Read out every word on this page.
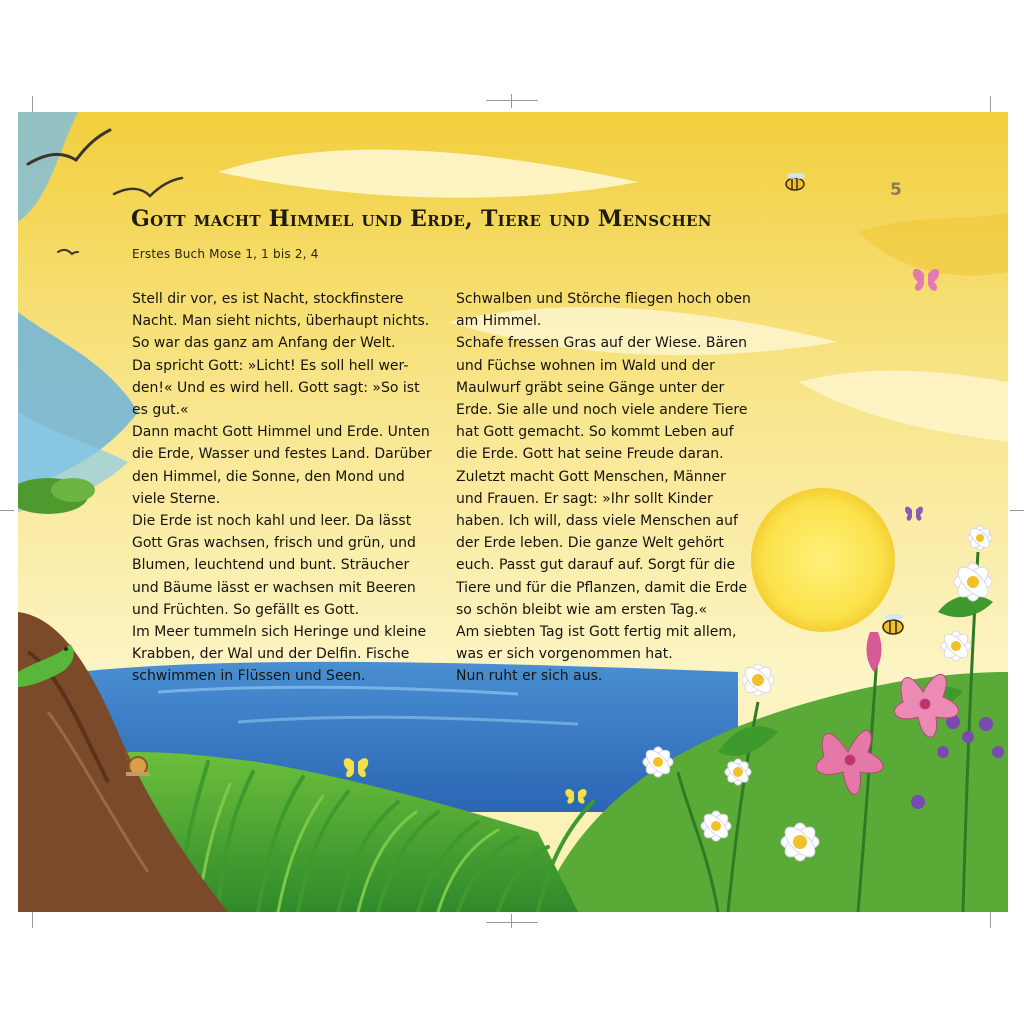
Gott macht Himmel und Erde, Tiere und Menschen
Erstes Buch Mose 1, 1 bis 2, 4
5
Stell dir vor, es ist Nacht, stockfinstere
Nacht. Man sieht nichts, überhaupt nichts.
So war das ganz am Anfang der Welt.
Da spricht Gott: »Licht! Es soll hell wer-
den!« Und es wird hell. Gott sagt: »So ist
es gut.«
Dann macht Gott Himmel und Erde. Unten
die Erde, Wasser und festes Land. Darüber
den Himmel, die Sonne, den Mond und
viele Sterne.
Die Erde ist noch kahl und leer. Da lässt
Gott Gras wachsen, frisch und grün, und
Blumen, leuchtend und bunt. Sträucher
und Bäume lässt er wachsen mit Beeren
und Früchten. So gefällt es Gott.
Im Meer tummeln sich Heringe und kleine
Krabben, der Wal und der Delfin. Fische
schwimmen in Flüssen und Seen.
Schwalben und Störche fliegen hoch oben
am Himmel.
Schafe fressen Gras auf der Wiese. Bären
und Füchse wohnen im Wald und der
Maulwurf gräbt seine Gänge unter der
Erde. Sie alle und noch viele andere Tiere
hat Gott gemacht. So kommt Leben auf
die Erde. Gott hat seine Freude daran.
Zuletzt macht Gott Menschen, Männer
und Frauen. Er sagt: »Ihr sollt Kinder
haben. Ich will, dass viele Menschen auf
der Erde leben. Die ganze Welt gehört
euch. Passt gut darauf auf. Sorgt für die
Tiere und für die Pflanzen, damit die Erde
so schön bleibt wie am ersten Tag.«
Am siebten Tag ist Gott fertig mit allem,
was er sich vorgenommen hat.
Nun ruht er sich aus.
